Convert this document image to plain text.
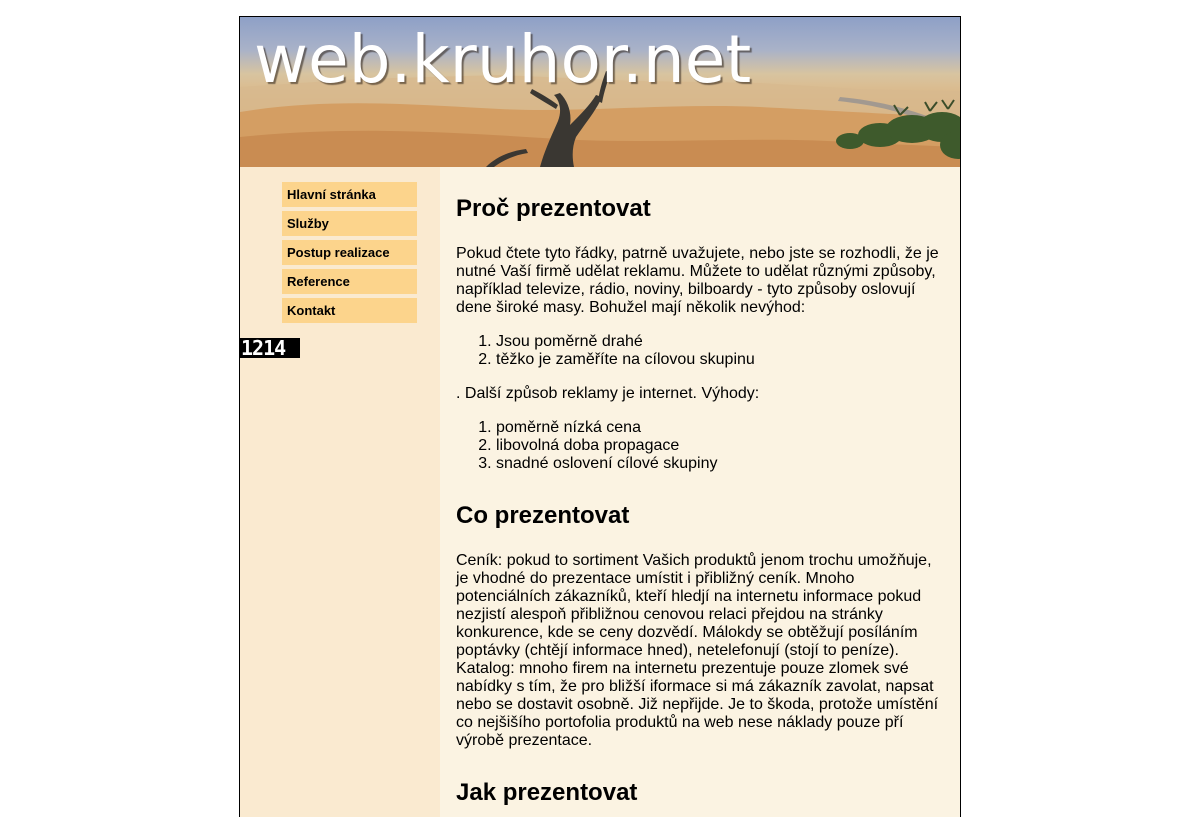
web.kruhor.net
Hlavní stránka
Služby
Postup realizace
Reference
Kontakt
1214
Proč prezentovat

Pokud čtete tyto řádky, patrně uvažujete, nebo jste se rozhodli, že je nutné Vaší firmě udělat reklamu. Můžete to udělat různými způsoby, například televize, rádio, noviny, bilboardy - tyto způsoby oslovují dene široké masy. Bohužel mají několik nevýhod:

1. Jsou poměrně drahé
2. těžko je zaměříte na cílovou skupinu

. Další způsob reklamy je internet. Výhody:

1. poměrně nízká cena
2. libovolná doba propagace
3. snadné oslovení cílové skupiny
Co prezentovat

Ceník: pokud to sortiment Vašich produktů jenom trochu umožňuje, je vhodné do prezentace umístit i přibližný ceník. Mnoho potenciálních zákazníků, kteří hledjí na internetu informace pokud nezjistí alespoň přibližnou cenovou relaci přejdou na stránky konkurence, kde se ceny dozvědí. Málokdy se obtěžují posíláním poptávky (chtějí informace hned), netelefonují (stojí to peníze). Katalog: mnoho firem na internetu prezentuje pouze zlomek své nabídky s tím, že pro bližší iformace si má zákazník zavolat, napsat nebo se dostavit osobně. Již nepřijde. Je to škoda, protože umístění co nejšišího portofolia produktů na web nese náklady pouze pří výrobě prezentace.

Jak prezentovat
